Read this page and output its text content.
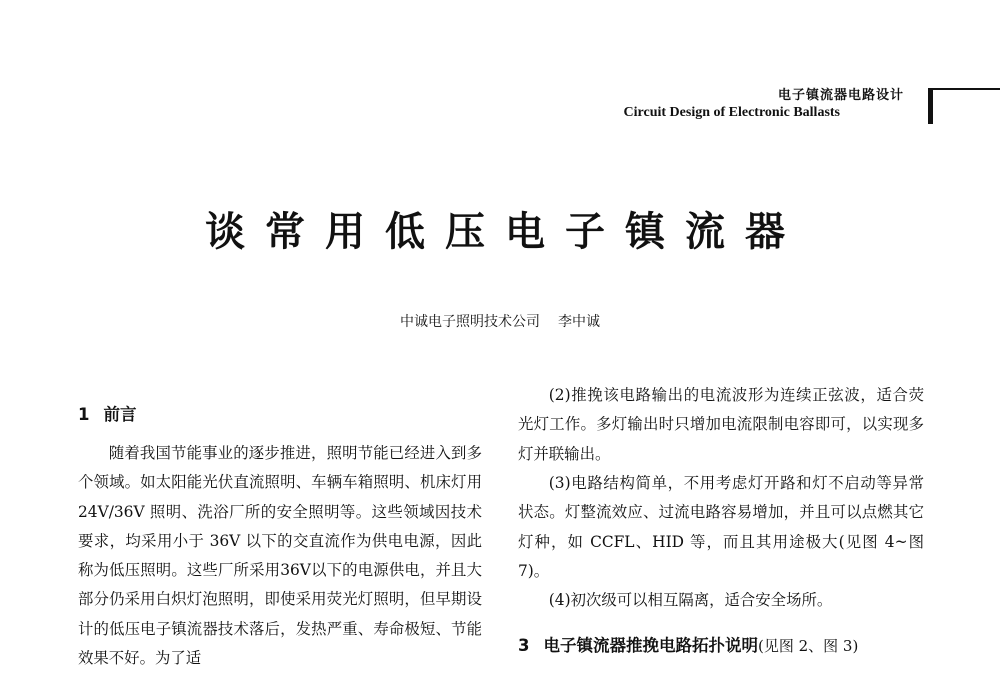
电子镇流器电路设计
Circuit Design of Electronic Ballasts
谈常用低压电子镇流器
中诚电子照明技术公司 李中诚
1 前言

随着我国节能事业的逐步推进，照明节能已经进入到多个领域。如太阳能光伏直流照明、车辆车箱照明、机床灯用 24V/36V 照明、洗浴厂所的安全照明等。这些领域因技术要求，均采用小于 36V 以下的交直流作为供电电源，因此称为低压照明。这些厂所采用36V以下的电源供电，并且大部分仍采用白炽灯泡照明，即使采用荧光灯照明，但早期设计的低压电子镇流器技术落后，发热严重、寿命极短、节能效果不好。为了适

(2)推挽该电路输出的电流波形为连续正弦波，适合荧光灯工作。多灯输出时只增加电流限制电容即可，以实现多灯并联输出。

(3)电路结构简单，不用考虑灯开路和灯不启动等异常状态。灯整流效应、过流电路容易增加，并且可以点燃其它灯种，如 CCFL、HID 等，而且其用途极大(见图 4~图 7)。

(4)初次级可以相互隔离，适合安全场所。

3 电子镇流器推挽电路拓扑说明(见图 2、图 3)
